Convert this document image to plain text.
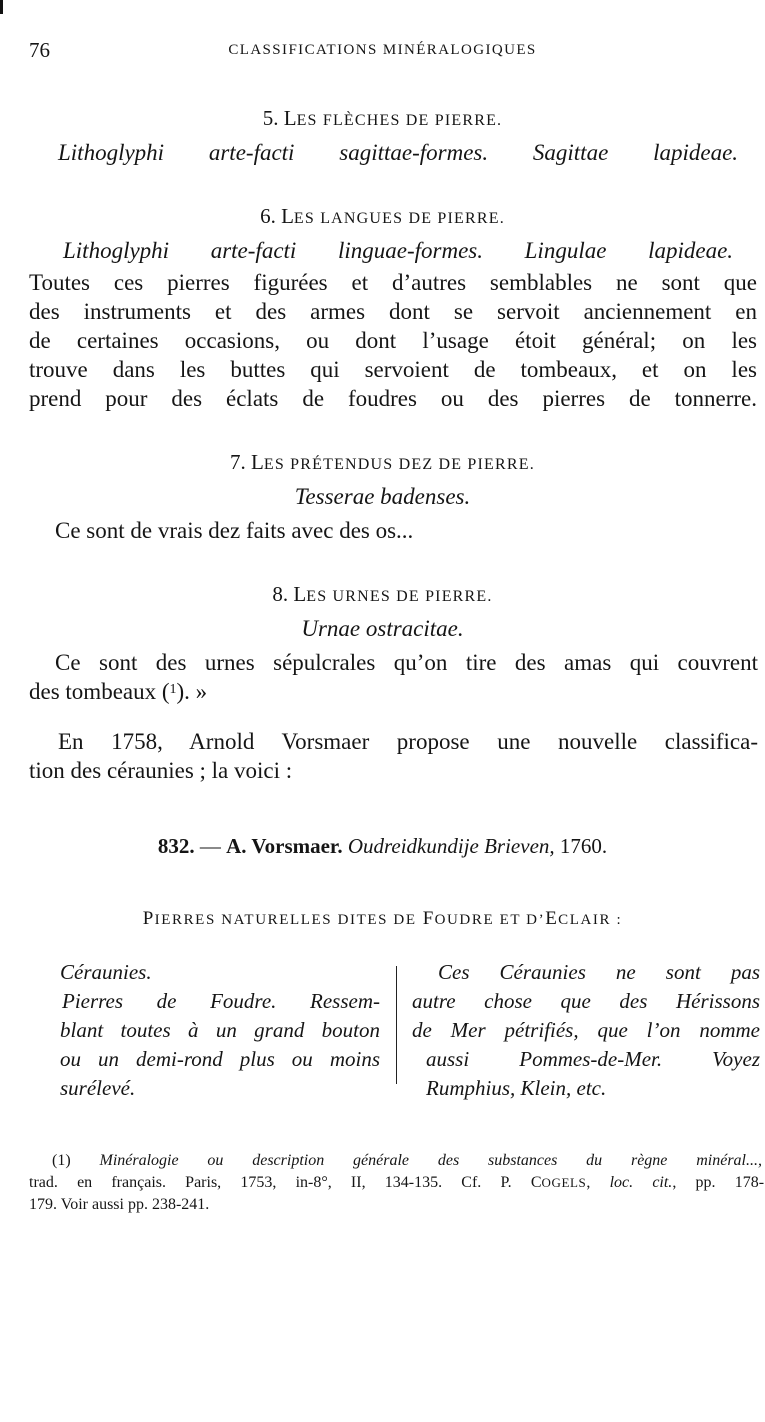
76	CLASSIFICATIONS MINÉRALOGIQUES
5. LES FLÈCHES DE PIERRE.
Lithoglyphi arte-facti sagittae-formes. Sagittae lapideae.
6. LES LANGUES DE PIERRE.
Lithoglyphi arte-facti linguae-formes. Lingulae lapideae.
Toutes ces pierres figurées et d’autres semblables ne sont que
des instruments et des armes dont se servoit anciennement en
de certaines occasions, ou dont l’usage étoit général; on les
trouve dans les buttes qui servoient de tombeaux, et on les
prend pour des éclats de foudres ou des pierres de tonnerre.
7. LES PRÉTENDUS DEZ DE PIERRE.
Tesserae badenses.
Ce sont de vrais dez faits avec des os...
8. LES URNES DE PIERRE.
Urnae ostracitae.
Ce sont des urnes sépulcrales qu’on tire des amas qui couvrent
des tombeaux ($^1$). »
En 1758, Arnold Vorsmaer propose une nouvelle classifica-
tion des céraunies ; la voici :
832. — A. Vorsmaer. Oudreidkundije Brieven, 1760.
PIERRES NATURELLES DITES DE FOUDRE ET D’ECLAIR :
Céraunies.
Pierres de Foudre. Ressem-
blant toutes à un grand bouton
ou un demi-rond plus ou moins
surélevé.
Ces Céraunies ne sont pas
autre chose que des Hérissons
de Mer pétrifiés, que l’on nomme
aussi Pommes-de-Mer. Voyez
Rumphius, Klein, etc.
(1) Minéralogie ou description générale des substances du règne minéral...,
trad. en français. Paris, 1753, in-8°, II, 134-135. Cf. P. COGELS, loc. cit., pp. 178-
179. Voir aussi pp. 238-241.
